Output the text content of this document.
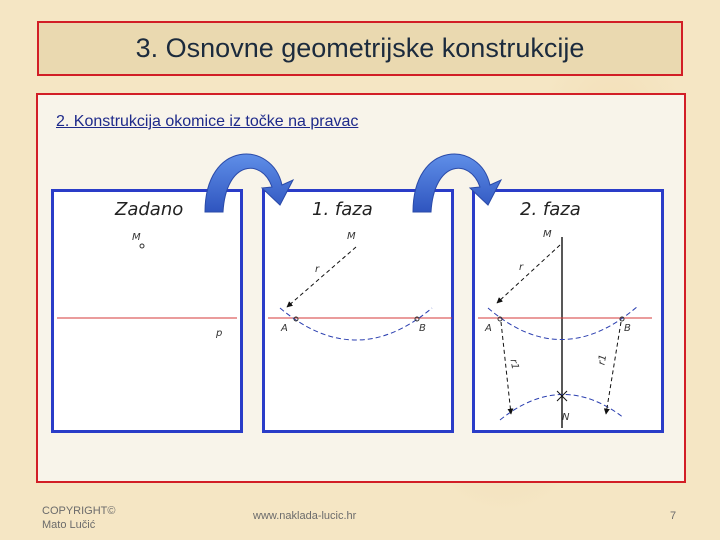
3. Osnovne geometrijske konstrukcije
2. Konstrukcija okomice iz točke na pravac
Zadano
M
p
1. faza
M
r
A	B
2. faza
M
r
A	B
r1	r1
N
COPYRIGHT©
Mato Lučić
www.naklada-lucic.hr	7
